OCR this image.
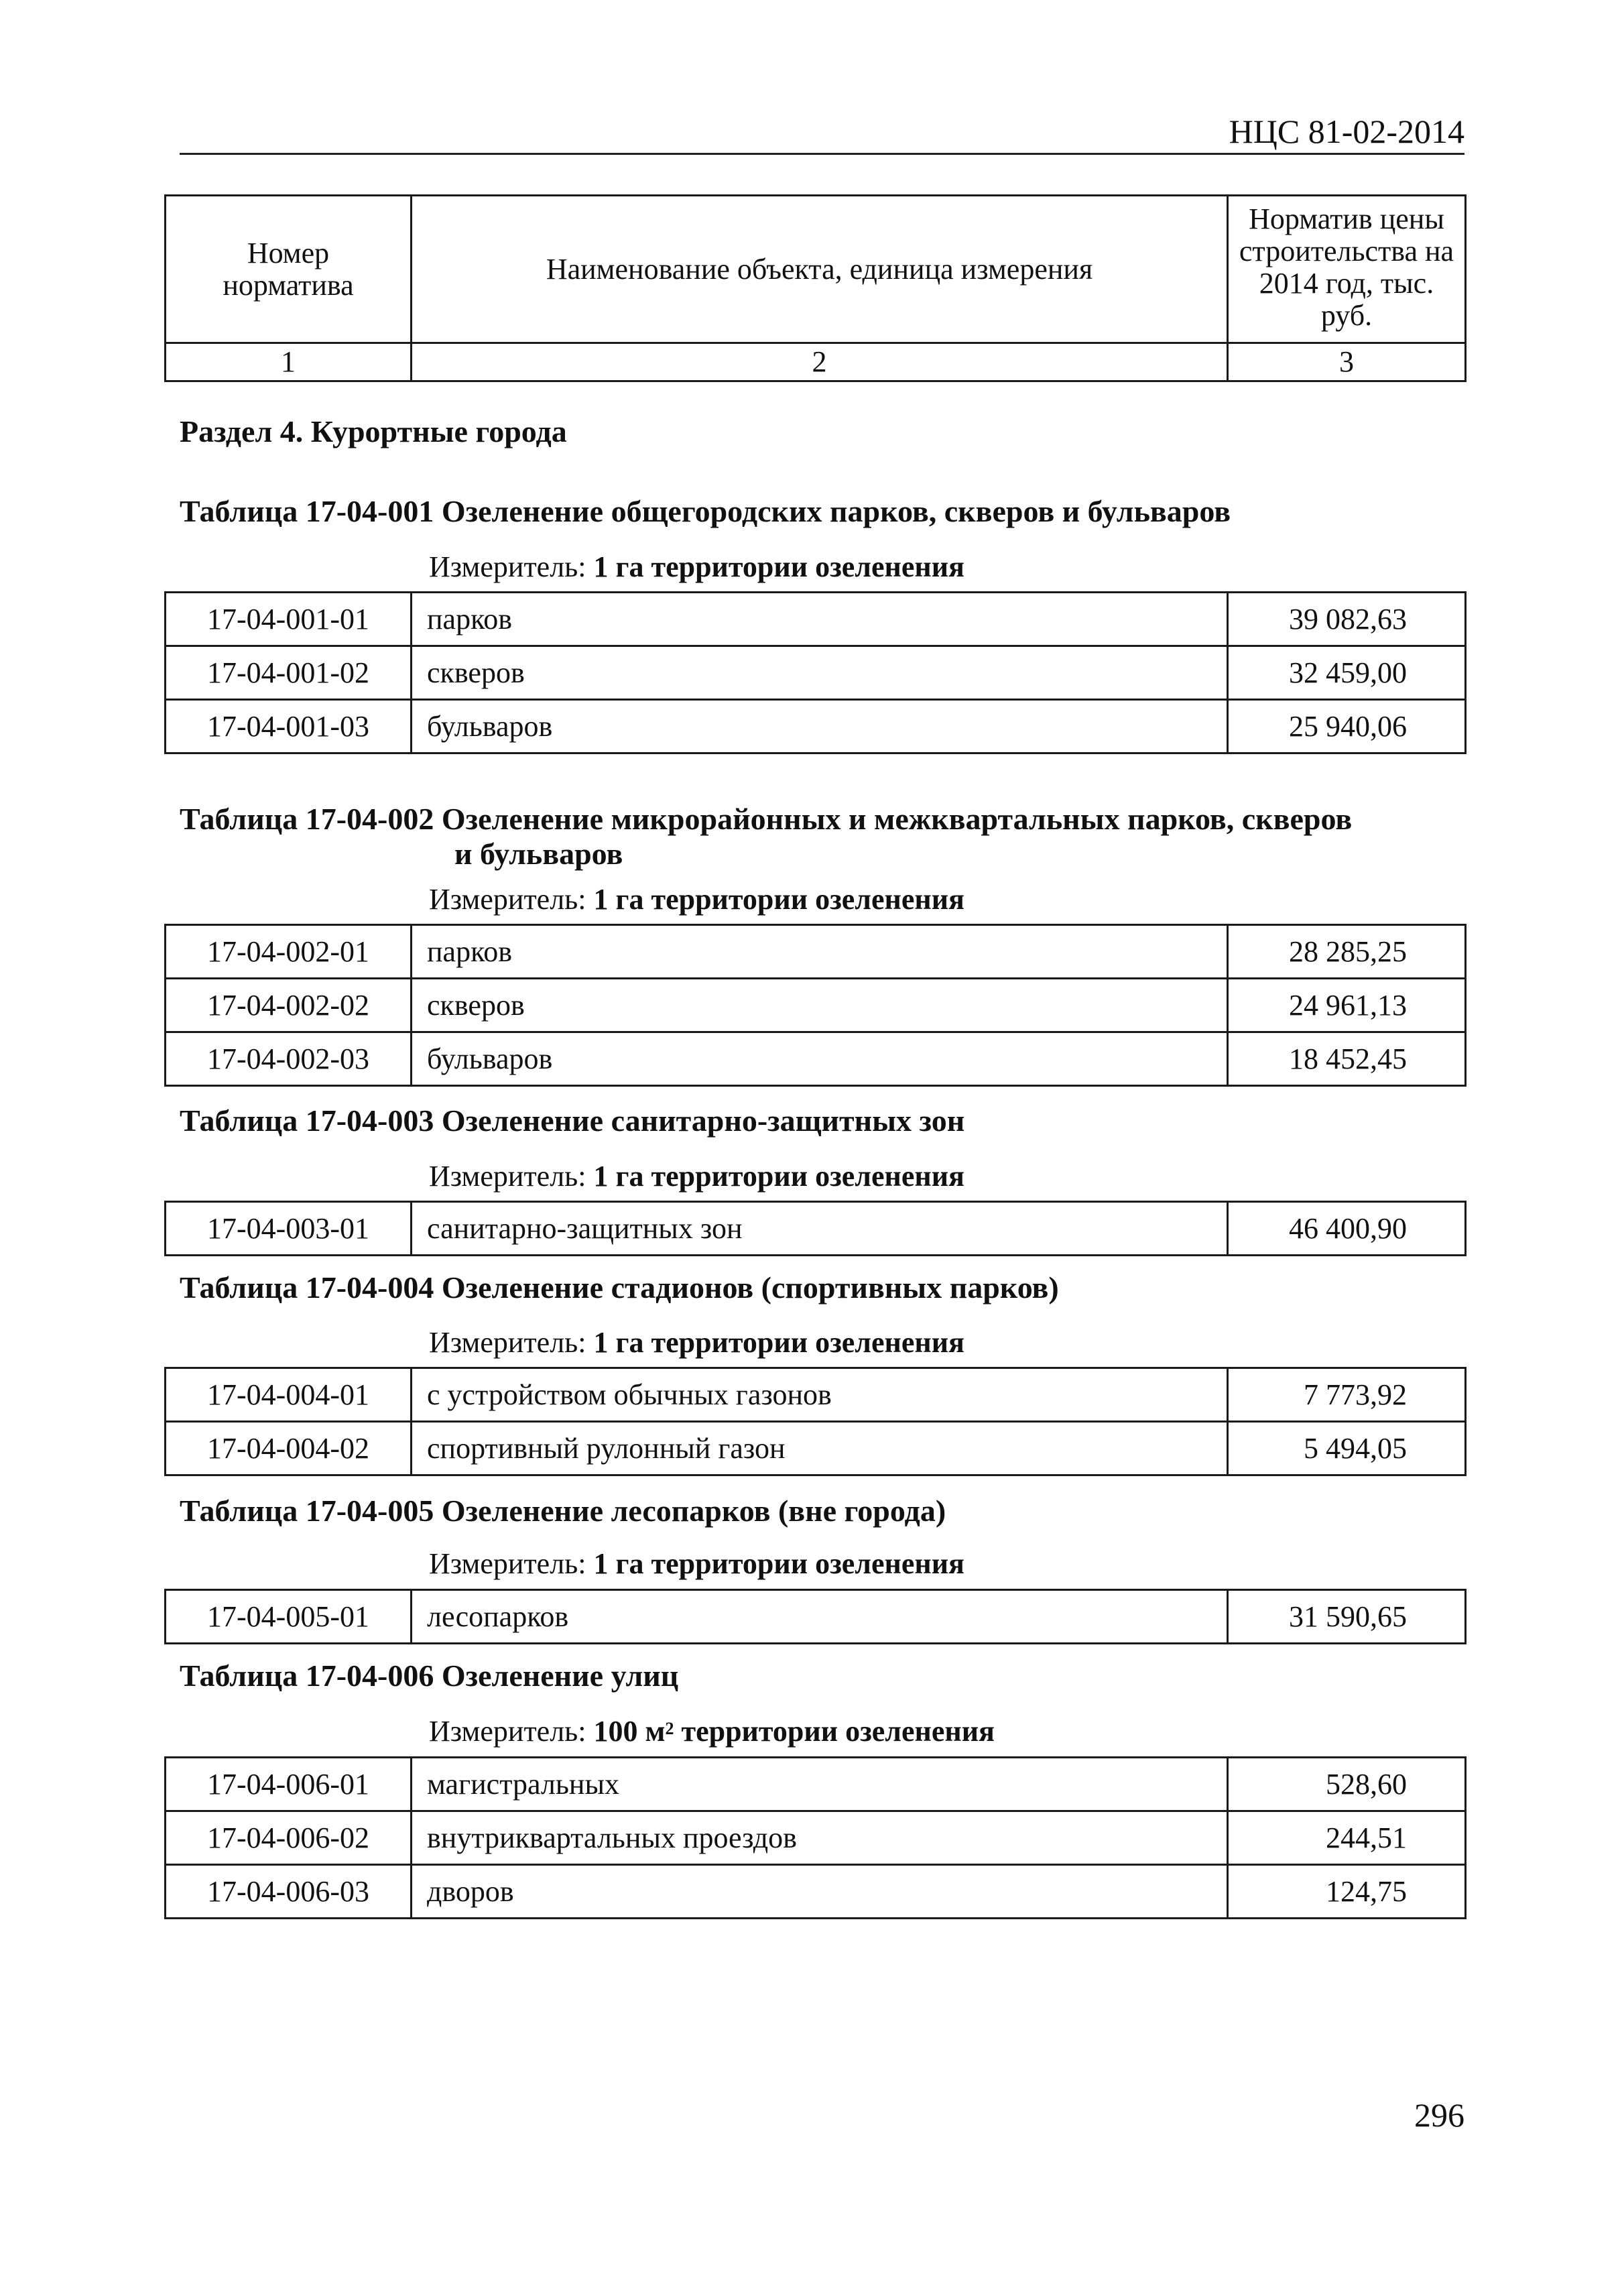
НЦС 81-02-2014
Номер норматива	Наименование объекта, единица измерения	Норматив цены строительства на 2014 год, тыс. руб.
1	2	3
Раздел 4. Курортные города
Таблица 17-04-001 Озеленение общегородских парков, скверов и бульваров
Измеритель: 1 га территории озеленения
17-04-001-01	парков	39 082,63
17-04-001-02	скверов	32 459,00
17-04-001-03	бульваров	25 940,06
Таблица 17-04-002 Озеленение микрорайонных и межквартальных парков, скверов
и бульваров
Измеритель: 1 га территории озеленения
17-04-002-01	парков	28 285,25
17-04-002-02	скверов	24 961,13
17-04-002-03	бульваров	18 452,45
Таблица 17-04-003 Озеленение санитарно-защитных зон
Измеритель: 1 га территории озеленения
17-04-003-01	санитарно-защитных зон	46 400,90
Таблица 17-04-004 Озеленение стадионов (спортивных парков)
Измеритель: 1 га территории озеленения
17-04-004-01	с устройством обычных газонов	7 773,92
17-04-004-02	спортивный рулонный газон	5 494,05
Таблица 17-04-005 Озеленение лесопарков (вне города)
Измеритель: 1 га территории озеленения
17-04-005-01	лесопарков	31 590,65
Таблица 17-04-006 Озеленение улиц
Измеритель: 100 $м^2$ территории озеленения
17-04-006-01	магистральных	528,60
17-04-006-02	внутриквартальных проездов	244,51
17-04-006-03	дворов	124,75
296
